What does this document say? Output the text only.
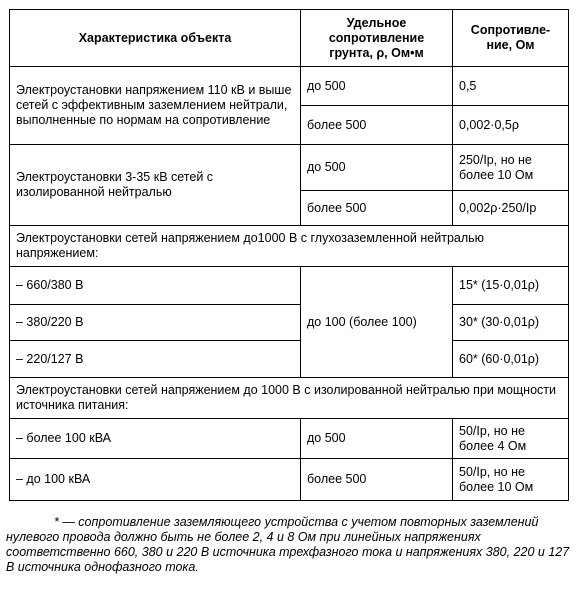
Характеристика объекта	Удельное сопротивление грунта, ρ, Ом•м	Сопротивле-ние, Ом
Электроустановки напряжением 110 кВ и выше сетей с эффективным заземлением нейтрали, выполненные по нормам на сопротивление	до 500	0,5
	более 500	0,002·0,5ρ
Электроустановки 3-35 кВ сетей с изолированной нейтралью	до 500	250/Iр, но не более 10 Ом
	более 500	0,002ρ·250/Iр
Электроустановки сетей напряжением до1000 В с глухозаземленной нейтралью напряжением:		
– 660/380 В	до 100 (более 100)	15* (15·0,01ρ)
– 380/220 В		30* (30·0,01ρ)
– 220/127 В		60* (60·0,01ρ)
Электроустановки сетей напряжением до 1000 В с изолированной нейтралью при мощности источника питания:		
– более 100 кВА	до 500	50/Iр, но не более 4 Ом
– до 100 кВА	более 500	50/Iр, но не более 10 Ом
* — сопротивление заземляющего устройства с учетом повторных заземлений нулевого провода должно быть не более 2, 4 и 8 Ом при линейных напряжениях соответственно 660, 380 и 220 В источника трехфазного тока и напряжениях 380, 220 и 127 В источника однофазного тока.
